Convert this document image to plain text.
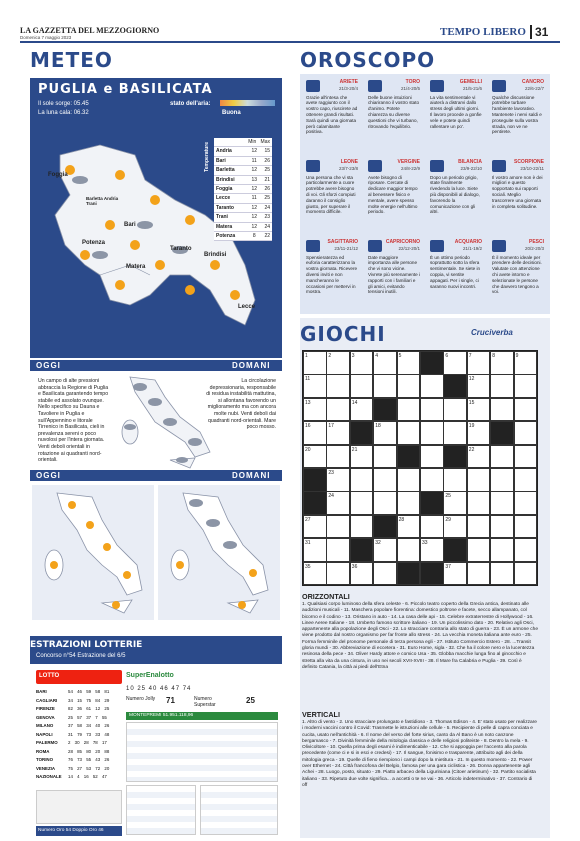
LA GAZZETTA DEL MEZZOGIORNO
Domenica 7 maggio 2023	TEMPO LIBERO 31
METEO
PUGLIA e BASILICATA
Il sole sorge: 05.45
La luna cala: 06.32
stato dell'aria:
Buona
Foggia
Barletta Andria Trani
Bari
Potenza
Matera
Taranto
Brindisi
Lecce
Temperature	Min Max
Andria	12 15
Bari	11 26
Barletta	12 25
Brindisi	13 21
Foggia	12 26
Lecce	11 25
Taranto	12 24
Trani	12 23
Matera	12 24
Potenza	8 22
OGGI	DOMANI
Un campo di alte pressioni abbraccia la Regione di Puglia e Basilicata garantendo tempo stabile ed assolato ovunque. Nello specifico su Dauna e Tavoliere in Puglia e sull'Appennino e litorale Tirrenico in Basilicata, cieli in prevalenza sereni o poco nuvolosi per l'intera giornata. Venti deboli orientali in rotazione ai quadranti nord-orientali.
La circolazione depressionaria, responsabile di residua instabilità mattutina, si allontana favorendo un miglioramento ma con ancora molte nubi. Venti deboli dai quadranti nord-orientali. Mare poco mosso.
OGGI	DOMANI
ESTRAZIONI LOTTERIE
Concorso n°54 Estrazione del 6/5
LOTTO
BARI	54 46 59 58 81
CAGLIARI	34 15 75 84 29
FIRENZE	82 36 61 12 25
GENOVA	25 57 37 7 55
MILANO	37 58 34 40 26
NAPOLI	31 79 73 33 48
PALERMO	2 30 28 78 17
ROMA	28 85 80 20 88
TORINO	76 73 55 43 26
VENEZIA	75 27 53 72 20
NAZIONALE	14 4 16 52 47
SuperEnalotto
10 25 40 46 47 74
Numero Jolly 71	Numero Superstar	25
MONTEPREMI 51.951.118,96
Numero Oro 54 Doppio Oro 46
OROSCOPO
ARIETE
21/3-20/4
Grazie all'intesa che avete raggiunto con il vostro capo, riuscirete ad ottenere grandi risultati. Sarà quindi una giornata però calamitante positiva.
TORO
21/4-20/5
Delle buone intuizioni chiariranno il vostro stato d'animo. Potete chiarezza su diverse questioni che vi turbano, ritrovando l'equilibrio.
GEMELLI
21/5-21/6
La vita sentimentale vi aiuterà a distrarvi dallo stress degli ultimi giorni. Il lavoro procede a gonfie vele e potete quindi rallentare un po'.
CANCRO
22/6-22/7
Qualche discussione potrebbe turbare l'ambiente lavorativo. Mantenete i nervi saldi e proseguite sulla vostra strada, non ve ne pentirete.
LEONE
23/7-23/8
Una persona che vi sta particolarmente a cuore potrebbe avere bisogno di voi. Gli sforzi compiuti daranno il consiglio giusto, per superare il momento difficile.
VERGINE
24/8-22/9
Avete bisogno di riposare. Cercate di dedicare maggior tempo al benessere fisico e mentale, avere spesso molte energie nell'ultimo periodo.
BILANCIA
23/9-22/10
Dopo un periodo grigio, state finalmente rivedendo la luce. Siete più disponibili al dialogo, favorendo la comunicazione con gli altri.
SCORPIONE
23/10-22/11
Il vostro amore non è dei migliori e questo sopportato sui rapporti sociali. Meglio trascorrere una giornata in completa solitudine.
SAGITTARIO
23/11-21/12
Spensieratezza ed euforia caratterizzano la vostra giornata. Ricevere diversi inviti e non mancheranno le occasioni per mettervi in mostra.
CAPRICORNO
22/12-20/1
Date maggiore importanza alle persone che vi sono vicine. Vivrete più serenamente i rapporti con i familiari e gli amici, evitando tensioni inutili.
ACQUARIO
21/1-19/2
È un ottimo periodo soprattutto sotto la sfera sentimentale. Se siete in coppia, vi sentite appagati. Per i single, ci saranno nuovi incontri.
PESCI
20/2-20/3
È il momento ideale per prendere delle decisioni. Valutate con attenzione chi avete intorno e selezionate le persone che davvero tengono a voi.
GIOCHI	Cruciverba
1	2	3	4	5	6	7	8	9
11	12
13	14	15
16	17	18	19
20	21	22
23
24	25
27	28	29
31	32	33
35	36	37
ORIZZONTALI
1. Qualsiasi corpo luminoso della sfera celeste - 6. Piccolo teatro coperto della Grecia antica, destinato alle audizioni musicali - 11. Maschera popolare fiorentina: domestico poltrone e facete, secco allampanato, col bicorno e il codino - 13. Oristano in auto - 14. La casa delle api - 15. Celebre extraterrestre di Hollywood - 16. Linee Aeree Italiane - 18. Umberto famoso scrittore italiano - 19. Un piccolissimo dato - 20. Relativo agli Osci, appartenente alla popolazione degli Osci - 22. Lo stracciare contraria allo stato di guerra - 23. È un armone che viene prodotto dal nostro organismo per far fronte allo stress - 24. La vecchia moneta italiana ante euro - 25. Forma femminile del pronome personale di terza persona egli - 27. Istituto Commercio Estero - 28. ...Transit gloria mundi - 30. Abbreviazione di eccetera - 31. Euro Home, sigla - 32. Che ha il colore nero e la lucentezza resinosa della pece - 34. Oliver Hardy attore e comico Usa - 35. Globba macchie lunga fino al ginocchio e stretta alla vita da una cintura, in uso nei secoli XVII-XVIII - 38. Il Mare fra Calabria e Puglia - 39. Così è definito Catania, la città ai piedi dell'Etna
VERTICALI
1. Altro di vento - 2. Uno stracciare prolungato e fastidioso - 3. Thomas Edison - 4. E' stato usato per realizzare i moderni vaccini contro il Covid: Trasmette le istruzioni alle cellule - 5. Recipiente di pelle di capra conciata e cucita, usato nell'antichità - 6. Il nome del verso del forte sirius, canto da Al Bano è un noto canzone bergamasco - 7. Divinità femminile della mitologia classica e delle religioni politeiste - 8. Dentro la mela - 9. Olivicoltore - 10. Quella prima degli esami è indimenticabile - 12. Che si appoggia per l'accento alla parola precedente (come ci e si in esci e credesi) - 17. Il sangue, fonisimo e trasparente, attribuito agli dei della mitologia greca - 19. Quelle di fieno riempiono i campi dopo la mietitura - 21. In questo momento - 22. Power over Ethernet - 24. Città francofona del Belgio, famosa per una gara ciclistica - 26. Donna appartenente agli Achei - 28. Luogo, posto, situato - 29. Piatto arbaceo della Liguriniana (Citoer arietinum) - 32. Partito socialista italiano - 33. Ripetuto due volte significa... a accetti o te ne vai - 36. Articolo indeterminativo - 37. Contrario di off
